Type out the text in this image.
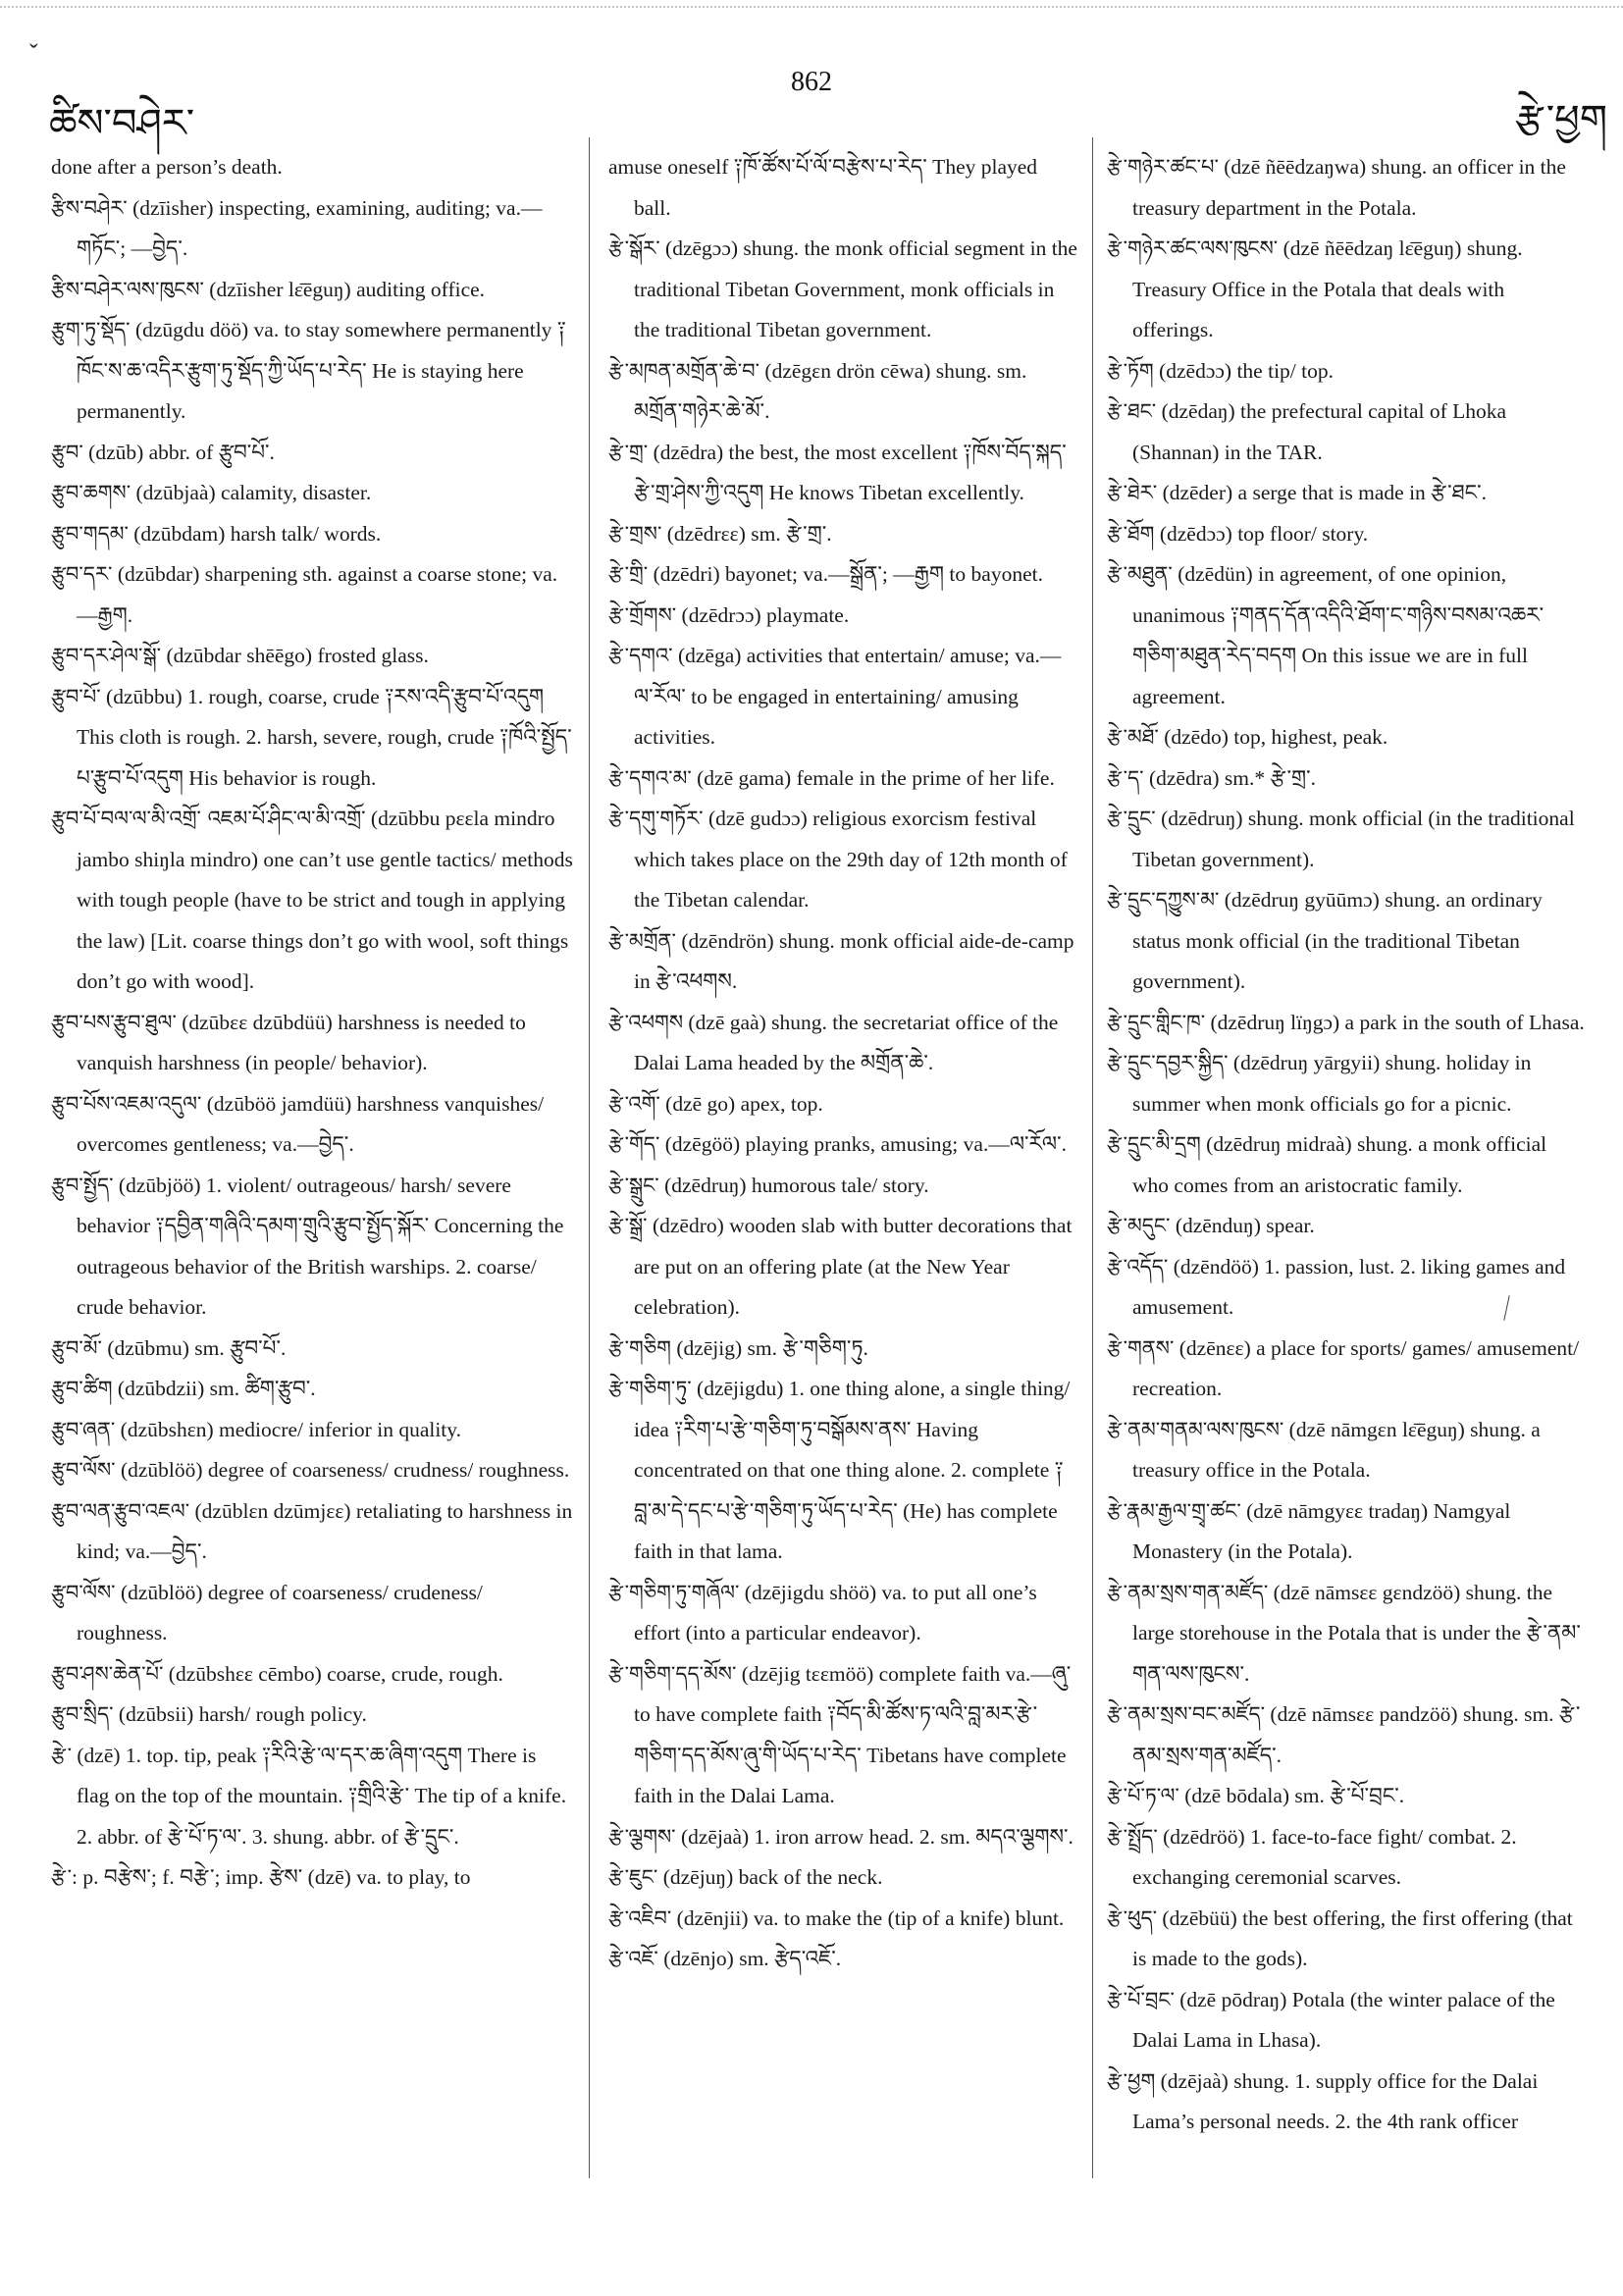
ˇ
ཚིས་བཤེར་
862
རྩེ་ཕྱག

done after a person’s death.

རྩིས་བཤེར་ (dzīisher) inspecting, examining, auditing; va.—གཏོང་; —བྱེད་.

རྩིས་བཤེར་ལས་ཁུངས་ (dzīisher lɛ̄ēguŋ) auditing office.

རྩུག་ཏུ་སྡོད་ (dzūgdu döö) va. to stay somewhere permanently ༑ཁོང་ས་ཆ་འདིར་རྩུག་ཏུ་སྡོད་ཀྱི་ཡོད་པ་རེད་ He is staying here permanently.

རྩུབ་ (dzūb) abbr. of རྩུབ་པོ་.

རྩུབ་ཆགས་ (dzūbjaà) calamity, disaster.

རྩུབ་གདམ་ (dzūbdam) harsh talk/ words.

རྩུབ་དར་ (dzūbdar) sharpening sth. against a coarse stone; va.—རྒྱག.

རྩུབ་དར་ཤེལ་སྒོ་ (dzūbdar shēēgo) frosted glass.

རྩུབ་པོ་ (dzūbbu) 1. rough, coarse, crude ༑རས་འདི་རྩུབ་པོ་འདུག This cloth is rough. 2. harsh, severe, rough, crude ༑ཁོའི་སྤྱོད་པ་རྩུབ་པོ་འདུག His behavior is rough.

རྩུབ་པོ་བལ་ལ་མི་འགྲོ་ འཇམ་པོ་ཤིང་ལ་མི་འགྲོ་ (dzūbbu pɛɛla mindro jambo shiŋla mindro) one can’t use gentle tactics/ methods with tough people (have to be strict and tough in applying the law) [Lit. coarse things don’t go with wool, soft things don’t go with wood].

རྩུབ་པས་རྩུབ་ཐུལ་ (dzūbɛɛ dzūbdüü) harshness is needed to vanquish harshness (in people/ behavior).

རྩུབ་པོས་འཇམ་འདུལ་ (dzūböö jamdüü) harshness vanquishes/ overcomes gentleness; va.—བྱེད་.

རྩུབ་སྤྱོད་ (dzūbjöö) 1. violent/ outrageous/ harsh/ severe behavior ༑དབྱིན་གཞིའི་དམག་གྲུའི་རྩུབ་སྤྱོད་སྐོར་ Concerning the outrageous behavior of the British warships. 2. coarse/ crude behavior.

རྩུབ་མོ་ (dzūbmu) sm. རྩུབ་པོ་.

རྩུབ་ཚིག (dzūbdzii) sm. ཚིག་རྩུབ་.

རྩུབ་ཞན་ (dzūbshɛn) mediocre/ inferior in quality.

རྩུབ་ལོས་ (dzūblöö) degree of coarseness/ crudness/ roughness.

རྩུབ་ལན་རྩུབ་འཇལ་ (dzūblɛn dzūmjɛɛ) retaliating to harshness in kind; va.—བྱེད་.

རྩུབ་ལོས་ (dzūblöö) degree of coarseness/ crudeness/ roughness.

རྩུབ་ཤས་ཆེན་པོ་ (dzūbshɛɛ cēmbo) coarse, crude, rough.

རྩུབ་སྲིད་ (dzūbsii) harsh/ rough policy.

རྩེ་ (dzē) 1. top. tip, peak ༑རིའི་རྩེ་ལ་དར་ཆ་ཞིག་འདུག There is flag on the top of the mountain. ༑གྲིའི་རྩེ་ The tip of a knife. 2. abbr. of རྩེ་པོ་ཏ་ལ་. 3. shung. abbr. of རྩེ་དྲུང་.

རྩེ་: p. བརྩེས་; f. བརྩེ་; imp. རྩེས་ (dzē) va. to play, to

amuse oneself ༑ཁོ་ཚོས་པོ་ལོ་བརྩེས་པ་རེད་ They played ball.

རྩེ་སྒོར་ (dzēgɔɔ) shung. the monk official segment in the traditional Tibetan Government, monk officials in the traditional Tibetan government.

རྩེ་མཁན་མགྲོན་ཆེ་བ་ (dzēgɛn drön cēwa) shung. sm. མགྲོན་གཉེར་ཆེ་མོ་.

རྩེ་གྲ་ (dzēdra) the best, the most excellent ༑ཁོས་བོད་སྐད་རྩེ་གྲ་ཤེས་ཀྱི་འདུག He knows Tibetan excellently.

རྩེ་གྲས་ (dzēdrɛɛ) sm. རྩེ་གྲ་.

རྩེ་གྲི་ (dzēdri) bayonet; va.—སྒྲོན་; —རྒྱག to bayonet.

རྩེ་གྲོགས་ (dzēdrɔɔ) playmate.

རྩེ་དགའ་ (dzēga) activities that entertain/ amuse; va.—ལ་རོལ་ to be engaged in entertaining/ amusing activities.

རྩེ་དགའ་མ་ (dzē gama) female in the prime of her life.

རྩེ་དགུ་གཏོར་ (dzē gudɔɔ) religious exorcism festival which takes place on the 29th day of 12th month of the Tibetan calendar.

རྩེ་མགྲོན་ (dzēndrön) shung. monk official aide-de-camp in རྩེ་འཕགས.

རྩེ་འཕགས (dzē gaà) shung. the secretariat office of the Dalai Lama headed by the མགྲོན་ཆེ་.

རྩེ་འགོ་ (dzē go) apex, top.

རྩེ་གོད་ (dzēgöö) playing pranks, amusing; va.—ལ་རོལ་.

རྩེ་སྒྲུང་ (dzēdruŋ) humorous tale/ story.

རྩེ་སྒྲོ་ (dzēdro) wooden slab with butter decorations that are put on an offering plate (at the New Year celebration).

རྩེ་གཅིག (dzējig) sm. རྩེ་གཅིག་ཏུ.

རྩེ་གཅིག་ཏུ་ (dzējigdu) 1. one thing alone, a single thing/ idea ༑རིག་པ་རྩེ་གཅིག་ཏུ་བསྒོམས་ནས་ Having concentrated on that one thing alone. 2. complete ༑བླ་མ་དེ་དང་པ་རྩེ་གཅིག་ཏུ་ཡོད་པ་རེད་ (He) has complete faith in that lama.

རྩེ་གཅིག་ཏུ་གཞོལ་ (dzējigdu shöö) va. to put all one’s effort (into a particular endeavor).

རྩེ་གཅིག་དད་མོས་ (dzējig tɛɛmöö) complete faith va.—ཞུ་ to have complete faith ༑བོད་མི་ཚོས་ཏ་ལའི་བླ་མར་རྩེ་གཅིག་དད་མོས་ཞུ་གི་ཡོད་པ་རེད་ Tibetans have complete faith in the Dalai Lama.

རྩེ་ལྕགས་ (dzējaà) 1. iron arrow head. 2. sm. མདའ་ལྕགས་.

རྩེ་ཇུང་ (dzējuŋ) back of the neck.

རྩེ་འཇིབ་ (dzēnjii) va. to make the (tip of a knife) blunt.

རྩེ་འཇོ་ (dzēnjo) sm. རྩེད་འཇོ་.

རྩེ་གཉེར་ཚང་པ་ (dzē ñēēdzaŋwa) shung. an officer in the treasury department in the Potala.

རྩེ་གཉེར་ཚང་ལས་ཁུངས་ (dzē ñēēdzaŋ lɛ̄ēguŋ) shung. Treasury Office in the Potala that deals with offerings.

རྩེ་ཏོག (dzēdɔɔ) the tip/ top.

རྩེ་ཐང་ (dzēdaŋ) the prefectural capital of Lhoka (Shannan) in the TAR.

རྩེ་ཐེར་ (dzēder) a serge that is made in རྩེ་ཐང་.

རྩེ་ཐོག (dzēdɔɔ) top floor/ story.

རྩེ་མཐུན་ (dzēdün) in agreement, of one opinion, unanimous ༑གནད་དོན་འདིའི་ཐོག་ང་གཉིས་བསམ་འཆར་གཅིག་མཐུན་རེད་བདག On this issue we are in full agreement.

རྩེ་མཐོ་ (dzēdo) top, highest, peak.

རྩེ་ད་ (dzēdra) sm.* རྩེ་གྲ་.

རྩེ་དྲུང་ (dzēdruŋ) shung. monk official (in the traditional Tibetan government).

རྩེ་དྲུང་དཀྱུས་མ་ (dzēdruŋ gyūūmɔ) shung. an ordinary status monk official (in the traditional Tibetan government).

རྩེ་དྲུང་གླིང་ཁ་ (dzēdruŋ lïŋgɔ) a park in the south of Lhasa.

རྩེ་དྲུང་དབྱར་སྐྱིད་ (dzēdruŋ yārgyii) shung. holiday in summer when monk officials go for a picnic.

རྩེ་དྲུང་མི་དྲག (dzēdruŋ midraà) shung. a monk official who comes from an aristocratic family.

རྩེ་མདུང་ (dzēnduŋ) spear.

རྩེ་འདོད་ (dzēndöö) 1. passion, lust. 2. liking games and amusement.

རྩེ་གནས་ (dzēnɛɛ) a place for sports/ games/ amusement/ recreation.

རྩེ་ནམ་གནམ་ལས་ཁུངས་ (dzē nāmgɛn lɛ̄ēguŋ) shung. a treasury office in the Potala.

རྩེ་རྣམ་རྒྱལ་གྲྭ་ཚང་ (dzē nāmgyɛɛ tradaŋ) Namgyal Monastery (in the Potala).

རྩེ་ནམ་སྲས་གན་མཛོད་ (dzē nāmsɛɛ gɛndzöö) shung. the large storehouse in the Potala that is under the རྩེ་ནམ་གན་ལས་ཁུངས་.

རྩེ་ནམ་སྲས་བང་མཛོད་ (dzē nāmsɛɛ pandzöö) shung. sm. རྩེ་ནམ་སྲས་གན་མཛོད་.

རྩེ་པོ་ཏ་ལ་ (dzē bōdala) sm. རྩེ་པོ་བྲང་.

རྩེ་སྤྲོད་ (dzēdröö) 1. face-to-face fight/ combat. 2. exchanging ceremonial scarves.

རྩེ་ཕུད་ (dzēbüü) the best offering, the first offering (that is made to the gods).

རྩེ་པོ་བྲང་ (dzē pōdraŋ) Potala (the winter palace of the Dalai Lama in Lhasa).

རྩེ་ཕྱག (dzējaà) shung. 1. supply office for the Dalai Lama’s personal needs. 2. the 4th rank officer
